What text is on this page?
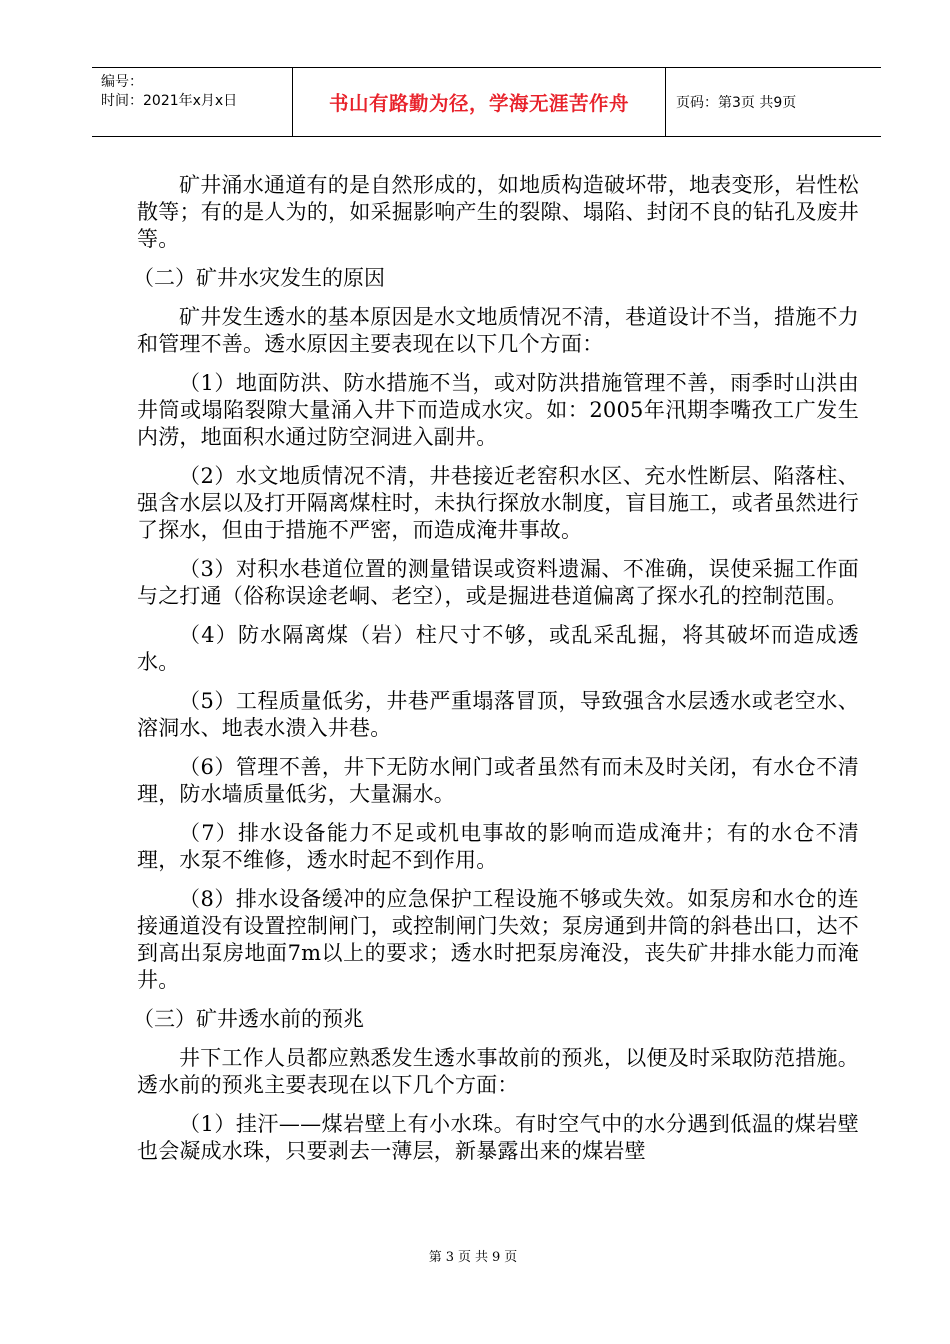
编号：
时间：2021年x月x日	书山有路勤为径，学海无涯苦作舟	页码：第3页 共9页

矿井涌水通道有的是自然形成的，如地质构造破坏带，地表变形，岩性松散等；有的是人为的，如采掘影响产生的裂隙、塌陷、封闭不良的钻孔及废井等。

（二）矿井水灾发生的原因

矿井发生透水的基本原因是水文地质情况不清，巷道设计不当，措施不力和管理不善。透水原因主要表现在以下几个方面：

（1）地面防洪、防水措施不当，或对防洪措施管理不善，雨季时山洪由井筒或塌陷裂隙大量涌入井下而造成水灾。如：2005年汛期李嘴孜工广发生内涝，地面积水通过防空洞进入副井。

（2）水文地质情况不清，井巷接近老窑积水区、充水性断层、陷落柱、强含水层以及打开隔离煤柱时，未执行探放水制度，盲目施工，或者虽然进行了探水，但由于措施不严密，而造成淹井事故。

（3）对积水巷道位置的测量错误或资料遗漏、不准确，误使采掘工作面与之打通（俗称误途老峒、老空），或是掘进巷道偏离了探水孔的控制范围。

（4）防水隔离煤（岩）柱尺寸不够，或乱采乱掘，将其破坏而造成透水。

（5）工程质量低劣，井巷严重塌落冒顶，导致强含水层透水或老空水、溶洞水、地表水溃入井巷。

（6）管理不善，井下无防水闸门或者虽然有而未及时关闭，有水仓不清理，防水墙质量低劣，大量漏水。

（7）排水设备能力不足或机电事故的影响而造成淹井；有的水仓不清理，水泵不维修，透水时起不到作用。

（8）排水设备缓冲的应急保护工程设施不够或失效。如泵房和水仓的连接通道没有设置控制闸门，或控制闸门失效；泵房通到井筒的斜巷出口，达不到高出泵房地面7m以上的要求；透水时把泵房淹没，丧失矿井排水能力而淹井。

（三）矿井透水前的预兆

井下工作人员都应熟悉发生透水事故前的预兆，以便及时采取防范措施。透水前的预兆主要表现在以下几个方面：

（1）挂汗——煤岩壁上有小水珠。有时空气中的水分遇到低温的煤岩壁也会凝成水珠，只要剥去一薄层，新暴露出来的煤岩壁

第3页共9页
